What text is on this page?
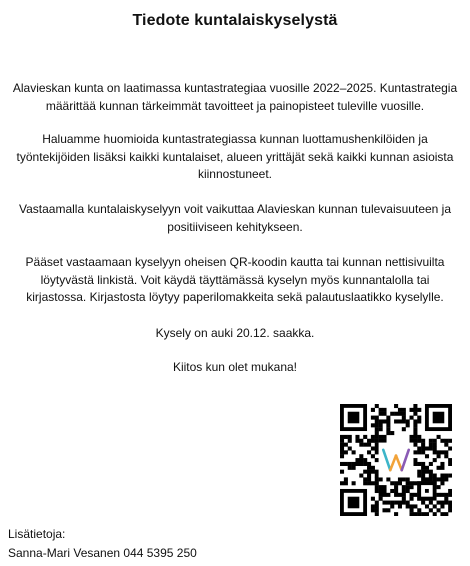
Tiedote kuntalaiskyselystä
Alavieskan kunta on laatimassa kuntastrategiaa vuosille 2022–2025. Kuntastrategia määrittää kunnan tärkeimmät tavoitteet ja painopisteet tuleville vuosille.
Haluamme huomioida kuntastrategiassa kunnan luottamushenkilöiden ja työntekijöiden lisäksi kaikki kuntalaiset, alueen yrittäjät sekä kaikki kunnan asioista kiinnostuneet.
Vastaamalla kuntalaiskyselyyn voit vaikuttaa Alavieskan kunnan tulevaisuuteen ja positiiviseen kehitykseen.
Pääset vastaamaan kyselyyn oheisen QR-koodin kautta tai kunnan nettisivuilta löytyvästä linkistä. Voit käydä täyttämässä kyselyn myös kunnantalolla tai kirjastossa. Kirjastosta löytyy paperilomakkeita sekä palautuslaatikko kyselylle.
Kysely on auki 20.12. saakka.
Kiitos kun olet mukana!
Lisätietoja:
Sanna-Mari Vesanen 044 5395 250
